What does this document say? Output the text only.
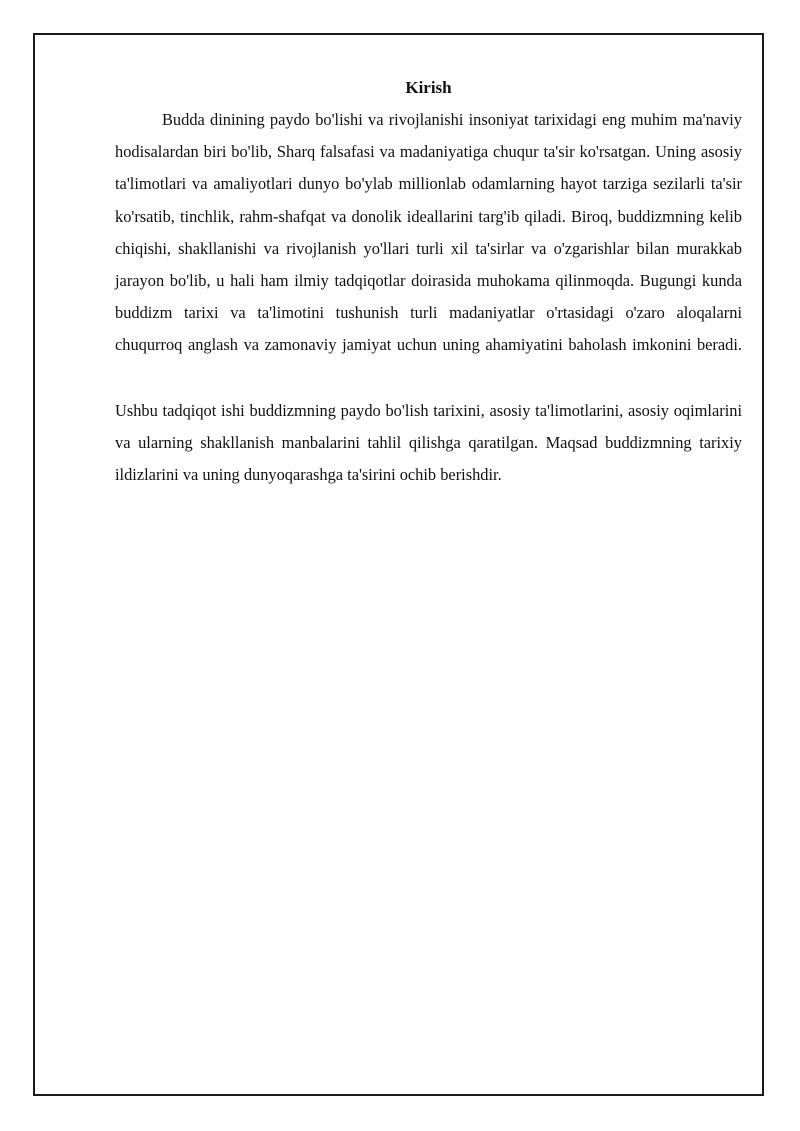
Kirish

Budda dinining paydo bo'lishi va rivojlanishi insoniyat tarixidagi eng muhim ma'naviy hodisalardan biri bo'lib, Sharq falsafasi va madaniyatiga chuqur ta'sir ko'rsatgan. Uning asosiy ta'limotlari va amaliyotlari dunyo bo'ylab millionlab odamlarning hayot tarziga sezilarli ta'sir ko'rsatib, tinchlik, rahm-shafqat va donolik ideallarini targ'ib qiladi. Biroq, buddizmning kelib chiqishi, shakllanishi va rivojlanish yo'llari turli xil ta'sirlar va o'zgarishlar bilan murakkab jarayon bo'lib, u hali ham ilmiy tadqiqotlar doirasida muhokama qilinmoqda. Bugungi kunda buddizm tarixi va ta'limotini tushunish turli madaniyatlar o'rtasidagi o'zaro aloqalarni chuqurroq anglash va zamonaviy jamiyat uchun uning ahamiyatini baholash imkonini beradi.

Ushbu tadqiqot ishi buddizmning paydo bo'lish tarixini, asosiy ta'limotlarini, asosiy oqimlarini va ularning shakllanish manbalarini tahlil qilishga qaratilgan. Maqsad buddizmning tarixiy ildizlarini va uning dunyoqarashga ta'sirini ochib berishdir.
